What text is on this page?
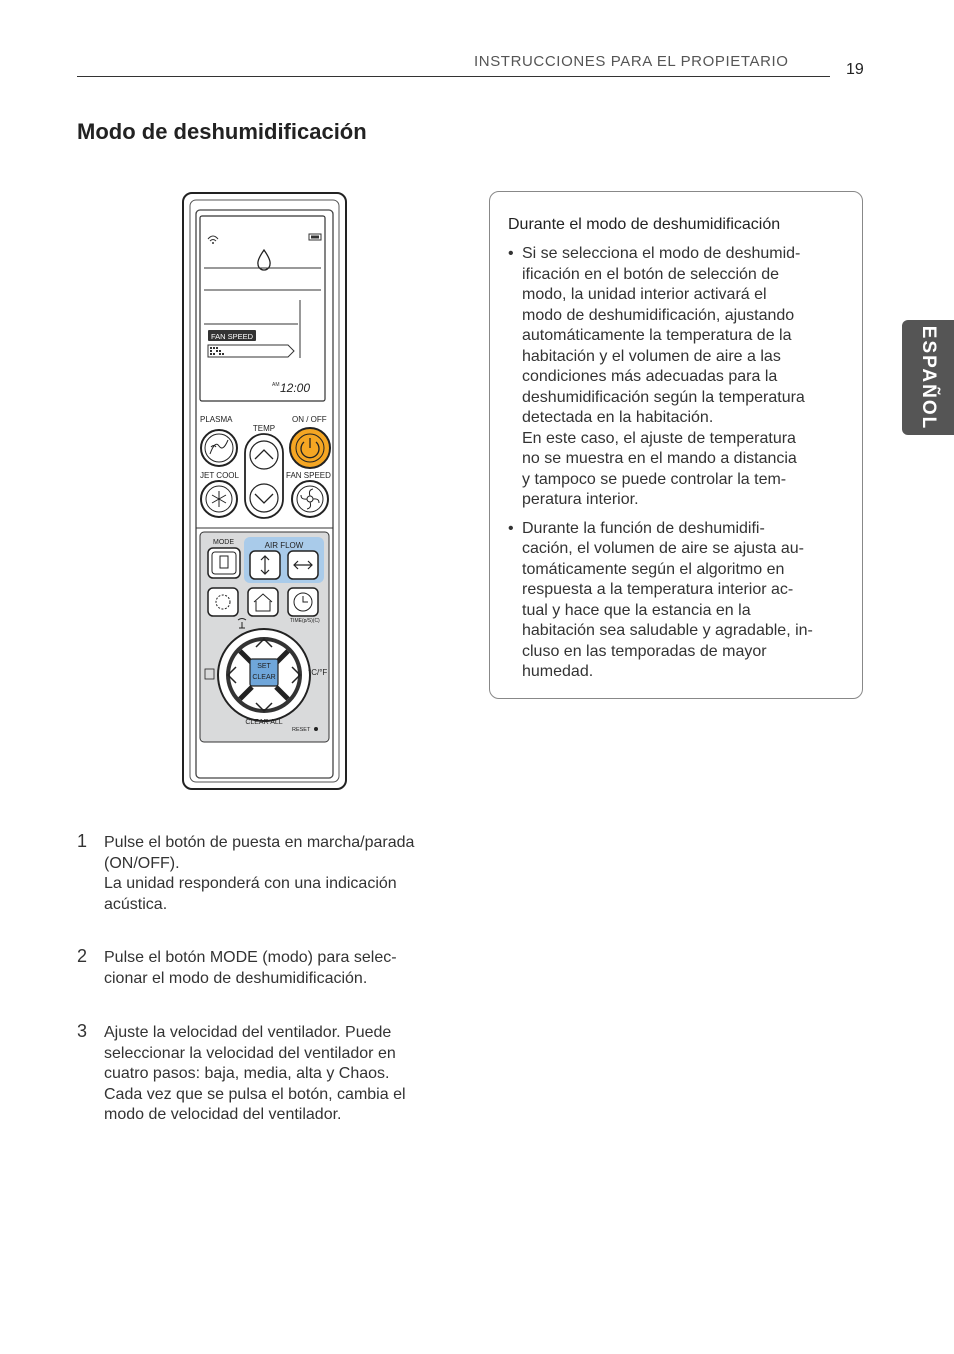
INSTRUCCIONES PARA EL PROPIETARIO	19
Modo de deshumidificación
ESPAÑOL
FAN SPEED
AM 12:00
PLASMA	ON / OFF
TEMP
JET COOL	FAN SPEED
MODE	AIR FLOW
TIME(p/S)(C)
SET
CLEAR
°C/°F
CLEAR ALL
RESET
Durante el modo de deshumidificación
• Si se selecciona el modo de deshumid-
ificación en el botón de selección de
modo, la unidad interior activará el
modo de deshumidificación, ajustando
automáticamente la temperatura de la
habitación y el volumen de aire a las
condiciones más adecuadas para la
deshumidificación según la temperatura
detectada en la habitación.
En este caso, el ajuste de temperatura
no se muestra en el mando a distancia
y tampoco se puede controlar la tem-
peratura interior.
• Durante la función de deshumidifi-
cación, el volumen de aire se ajusta au-
tomáticamente según el algoritmo en
respuesta a la temperatura interior ac-
tual y hace que la estancia en la
habitación sea saludable y agradable, in-
cluso en las temporadas de mayor
humedad.
1 Pulse el botón de puesta en marcha/parada
(ON/OFF).
La unidad responderá con una indicación
acústica.
2 Pulse el botón MODE (modo) para selec-
cionar el modo de deshumidificación.
3 Ajuste la velocidad del ventilador. Puede
seleccionar la velocidad del ventilador en
cuatro pasos: baja, media, alta y Chaos.
Cada vez que se pulsa el botón, cambia el
modo de velocidad del ventilador.
